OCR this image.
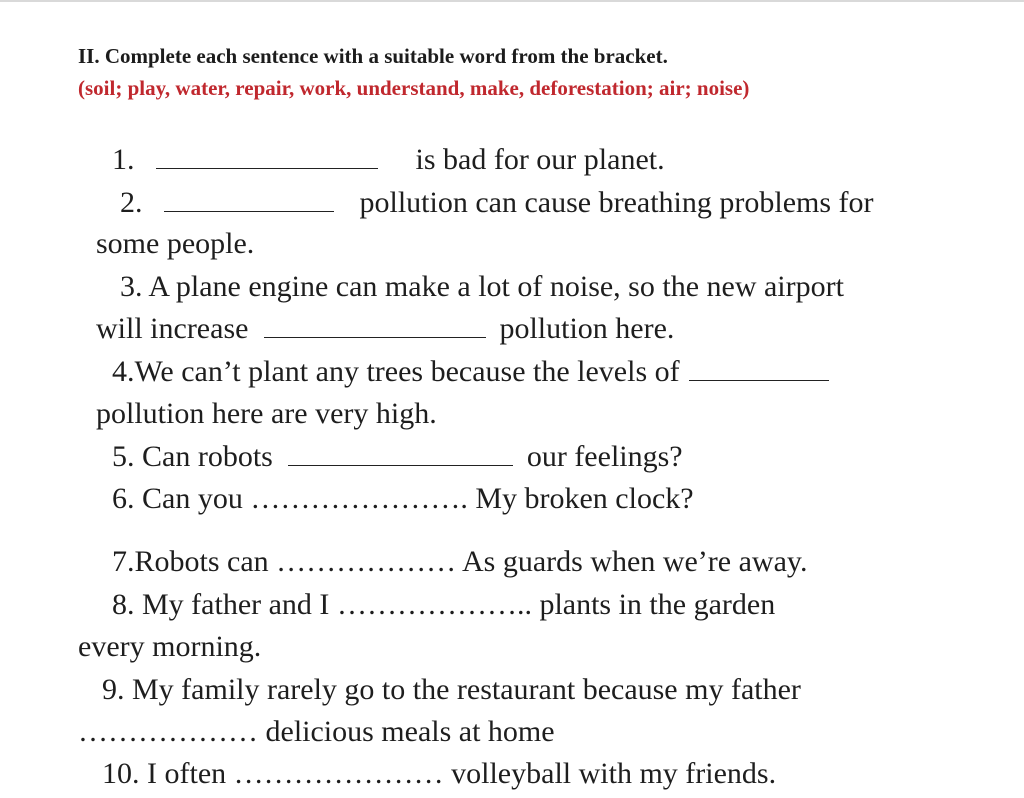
II. Complete each sentence with a suitable word from the bracket.
(soil; play, water, repair, work, understand, make, deforestation; air; noise)
1.	is bad for our planet.
2.	pollution can cause breathing problems for
some people.
3. A plane engine can make a lot of noise, so the new airport
will increase	pollution here.
4.We can’t plant any trees because the levels of
pollution here are very high.
5. Can robots	our feelings?
6. Can you …………………. My broken clock?
7.Robots can ……………… As guards when we’re away.
8. My father and I ……………….. plants in the garden
every morning.
9. My family rarely go to the restaurant because my father
……………… delicious meals at home
10. I often ………………… volleyball with my friends.
